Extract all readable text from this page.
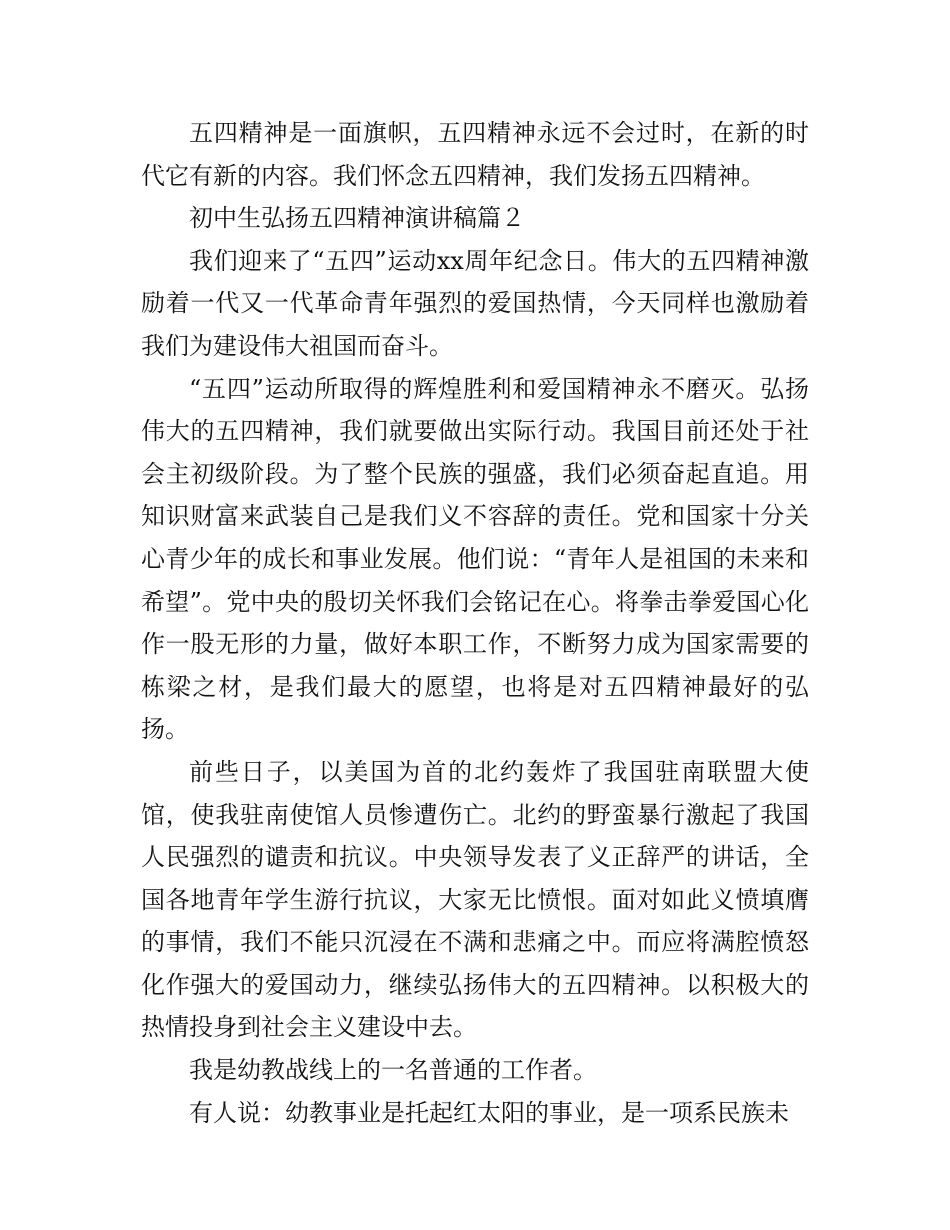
五四精神是一面旗帜，五四精神永远不会过时，在新的时代它有新的内容。我们怀念五四精神，我们发扬五四精神。

初中生弘扬五四精神演讲稿篇２

我们迎来了“五四”运动xx周年纪念日。伟大的五四精神激励着一代又一代革命青年强烈的爱国热情，今天同样也激励着我们为建设伟大祖国而奋斗。

“五四”运动所取得的辉煌胜利和爱国精神永不磨灭。弘扬伟大的五四精神，我们就要做出实际行动。我国目前还处于社会主初级阶段。为了整个民族的强盛，我们必须奋起直追。用知识财富来武装自己是我们义不容辞的责任。党和国家十分关心青少年的成长和事业发展。他们说：“青年人是祖国的未来和希望”。党中央的殷切关怀我们会铭记在心。将拳击拳爱国心化作一股无形的力量，做好本职工作，不断努力成为国家需要的栋梁之材，是我们最大的愿望，也将是对五四精神最好的弘扬。

前些日子，以美国为首的北约轰炸了我国驻南联盟大使馆，使我驻南使馆人员惨遭伤亡。北约的野蛮暴行激起了我国人民强烈的谴责和抗议。中央领导发表了义正辞严的讲话，全国各地青年学生游行抗议，大家无比愤恨。面对如此义愤填膺的事情，我们不能只沉浸在不满和悲痛之中。而应将满腔愤怒化作强大的爱国动力，继续弘扬伟大的五四精神。以积极大的热情投身到社会主义建设中去。

我是幼教战线上的一名普通的工作者。

有人说：幼教事业是托起红太阳的事业，是一项系民族未
